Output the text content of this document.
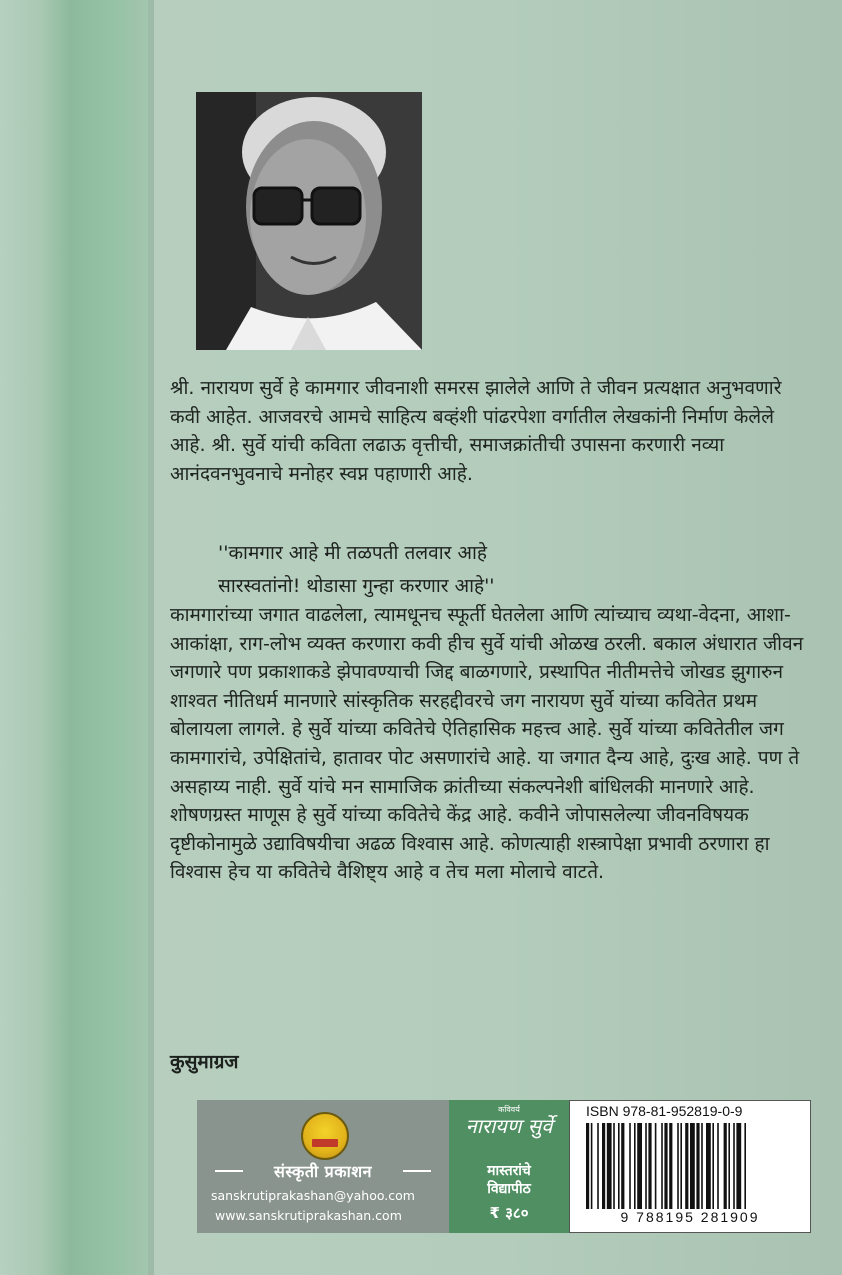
श्री. नारायण सुर्वे हे कामगार जीवनाशी समरस झालेले आणि ते जीवन प्रत्यक्षात अनुभवणारे कवी आहेत. आजवरचे आमचे साहित्य बव्हंशी पांढरपेशा वर्गातील लेखकांनी निर्माण केलेले आहे. श्री. सुर्वे यांची कविता लढाऊ वृत्तीची, समाजक्रांतीची उपासना करणारी नव्या आनंदवनभुवनाचे मनोहर स्वप्न पहाणारी आहे.
''कामगार आहे मी तळपती तलवार आहे
सारस्वतांनो! थोडासा गुन्हा करणार आहे''
कामगारांच्या जगात वाढलेला, त्यामधूनच स्फूर्ती घेतलेला आणि त्यांच्याच व्यथा-वेदना, आशा-आकांक्षा, राग-लोभ व्यक्त करणारा कवी हीच सुर्वे यांची ओळख ठरली. बकाल अंधारात जीवन जगणारे पण प्रकाशाकडे झेपावण्याची जिद्द बाळगणारे, प्रस्थापित नीतीमत्तेचे जोखड झुगारुन शाश्वत नीतिधर्म मानणारे सांस्कृतिक सरहद्दीवरचे जग नारायण सुर्वे यांच्या कवितेत प्रथम बोलायला लागले. हे सुर्वे यांच्या कवितेचे ऐतिहासिक महत्त्व आहे. सुर्वे यांच्या कवितेतील जग कामगारांचे, उपेक्षितांचे, हातावर पोट असणारांचे आहे. या जगात दैन्य आहे, दुःख आहे. पण ते असहाय्य नाही. सुर्वे यांचे मन सामाजिक क्रांतीच्या संकल्पनेशी बांधिलकी मानणारे आहे. शोषणग्रस्त माणूस हे सुर्वे यांच्या कवितेचे केंद्र आहे. कवीने जोपासलेल्या जीवनविषयक दृष्टीकोनामुळे उद्याविषयीचा अढळ विश्वास आहे. कोणत्याही शस्त्रापेक्षा प्रभावी ठरणारा हा विश्वास हेच या कवितेचे वैशिष्ट्य आहे व तेच मला मोलाचे वाटते.
कुसुमाग्रज
संस्कृती प्रकाशन
sanskrutiprakashan@yahoo.com
www.sanskrutiprakashan.com
कविवर्य
नारायण सुर्वे
मास्तरांचे
विद्यापीठ
₹ ३८०
ISBN 978-81-952819-0-9
9 788195 281909
